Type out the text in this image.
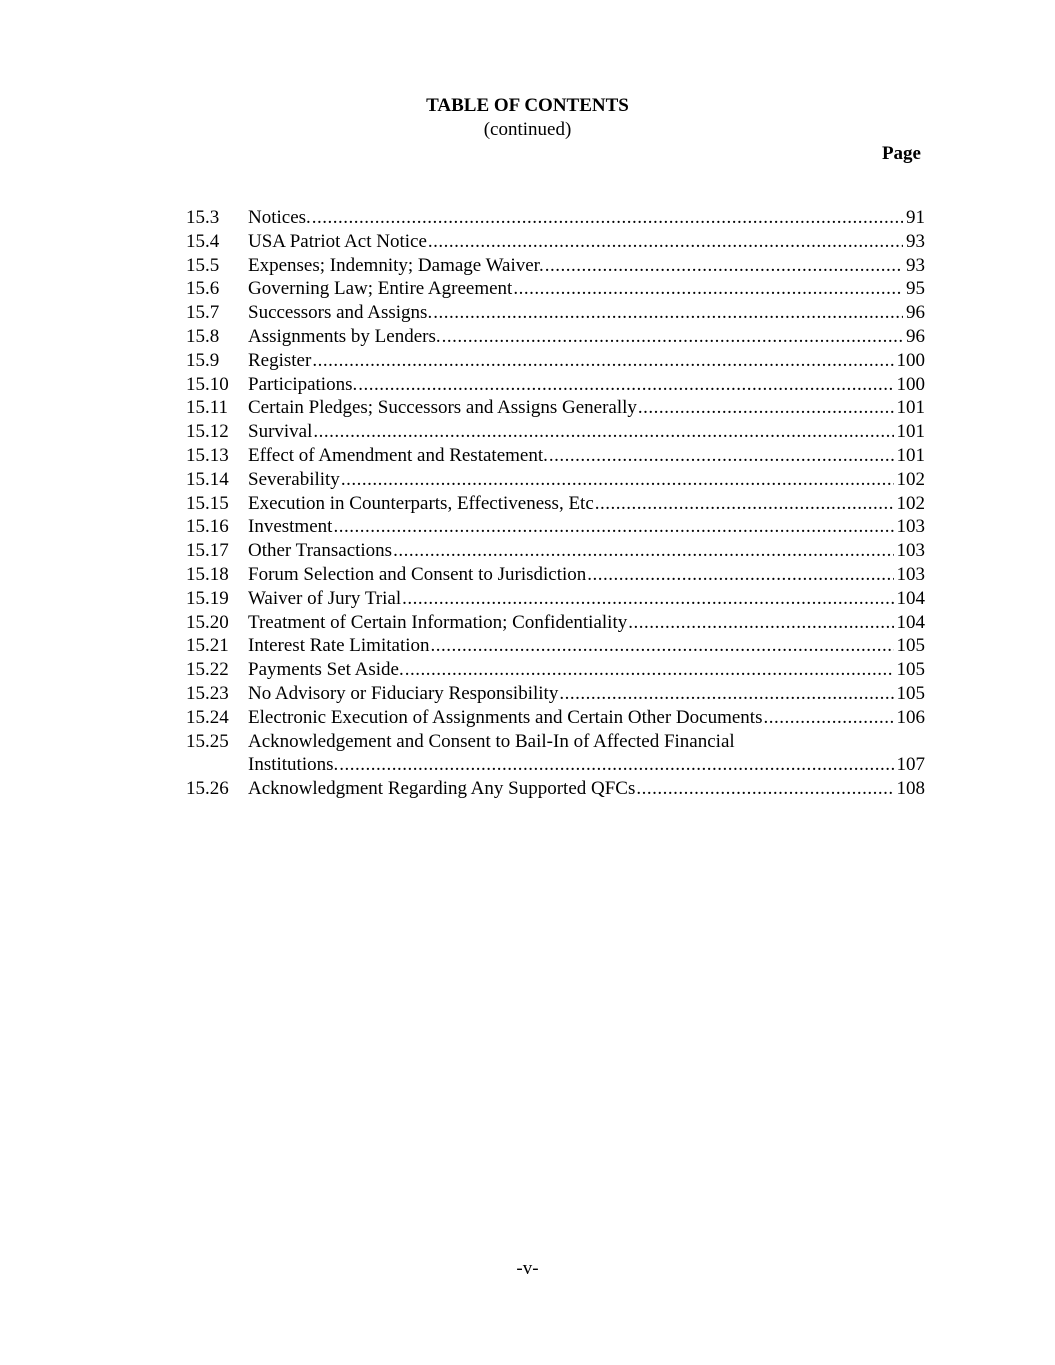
TABLE OF CONTENTS
(continued)
Page
15.3	Notices. .....	91
15.4	USA Patriot Act Notice .....	93
15.5	Expenses; Indemnity; Damage Waiver. .....	93
15.6	Governing Law; Entire Agreement .....	95
15.7	Successors and Assigns. .....	96
15.8	Assignments by Lenders. .....	96
15.9	Register .....	100
15.10	Participations. .....	100
15.11	Certain Pledges; Successors and Assigns Generally .....	101
15.12	Survival .....	101
15.13	Effect of Amendment and Restatement. .....	101
15.14	Severability .....	102
15.15	Execution in Counterparts, Effectiveness, Etc .....	102
15.16	Investment .....	103
15.17	Other Transactions .....	103
15.18	Forum Selection and Consent to Jurisdiction .....	103
15.19	Waiver of Jury Trial .....	104
15.20	Treatment of Certain Information; Confidentiality .....	104
15.21	Interest Rate Limitation .....	105
15.22	Payments Set Aside. .....	105
15.23	No Advisory or Fiduciary Responsibility .....	105
15.24	Electronic Execution of Assignments and Certain Other Documents .....	106
15.25	Acknowledgement and Consent to Bail-In of Affected Financial
Institutions. .....	107
15.26	Acknowledgment Regarding Any Supported QFCs .....	108
-v-
